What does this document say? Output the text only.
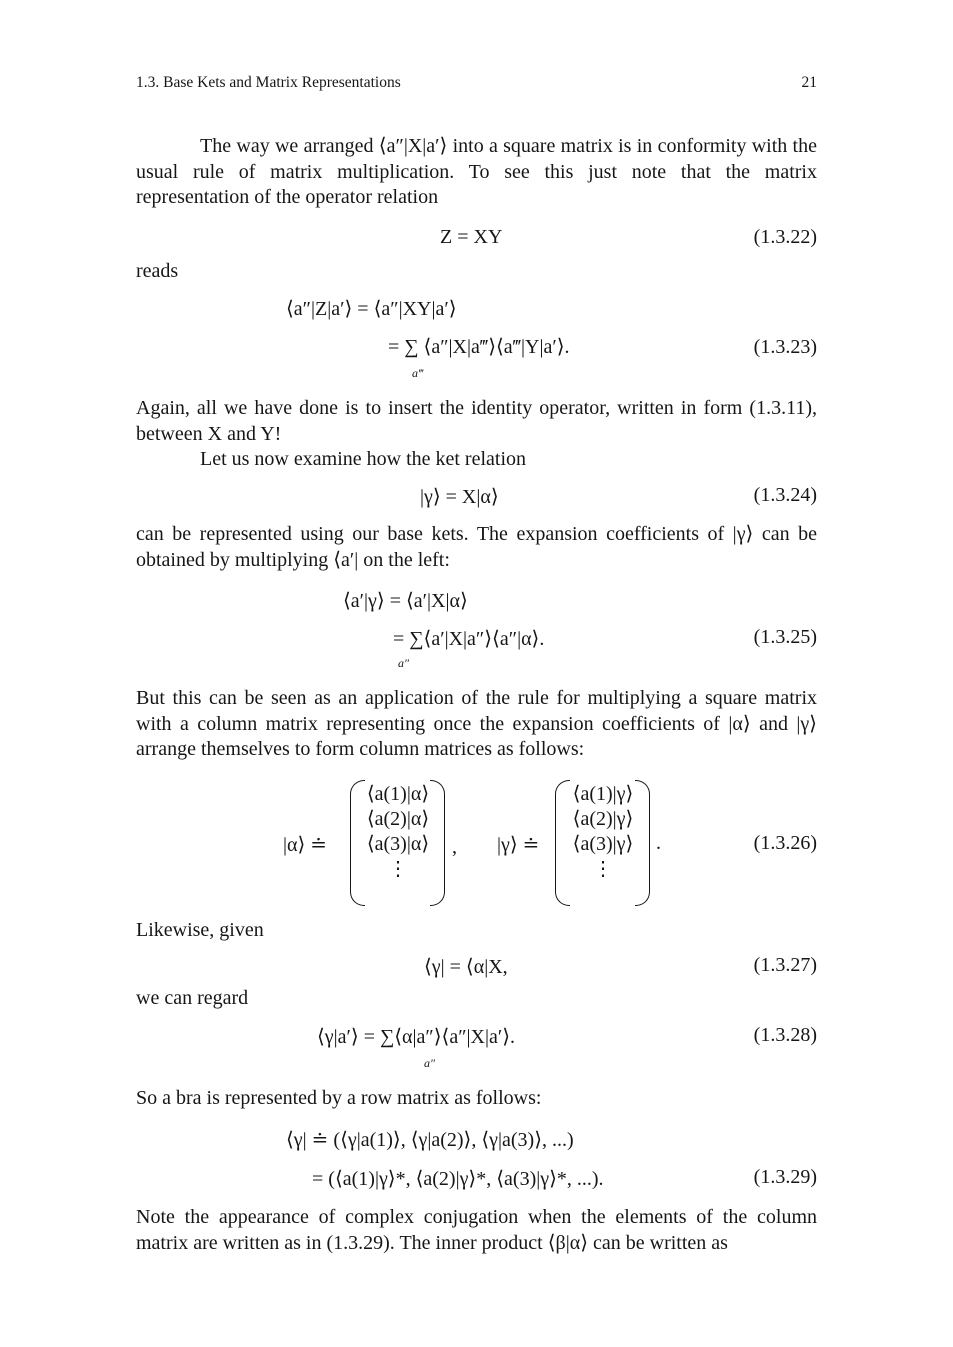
1.3. Base Kets and Matrix Representations	21
The way we arranged ⟨a″|X|a′⟩ into a square matrix is in conformity with the usual rule of matrix multiplication. To see this just note that the matrix representation of the operator relation
Z = XY	(1.3.22)
reads
⟨a″|Z|a′⟩ = ⟨a″|XY|a′⟩
= ∑ ⟨a″|X|a‴⟩⟨a‴|Y|a′⟩.
a‴
(1.3.23)
Again, all we have done is to insert the identity operator, written in form (1.3.11), between X and Y!
Let us now examine how the ket relation
|γ⟩ = X|α⟩	(1.3.24)
can be represented using our base kets. The expansion coefficients of |γ⟩ can be obtained by multiplying ⟨a′| on the left:
⟨a′|γ⟩ = ⟨a′|X|α⟩
= ∑⟨a′|X|a″⟩⟨a″|α⟩.
a″
(1.3.25)
But this can be seen as an application of the rule for multiplying a square matrix with a column matrix representing once the expansion coefficients of |α⟩ and |γ⟩ arrange themselves to form column matrices as follows:
|α⟩ ≐
⟨a(1)|α⟩
⟨a(2)|α⟩
⟨a(3)|α⟩
⋮
, |γ⟩ ≐
⟨a(1)|γ⟩
⟨a(2)|γ⟩
⟨a(3)|γ⟩
⋮
.	(1.3.26)
Likewise, given
⟨γ| = ⟨α|X,	(1.3.27)
we can regard
⟨γ|a′⟩ = ∑⟨α|a″⟩⟨a″|X|a′⟩.
a″
(1.3.28)
So a bra is represented by a row matrix as follows:
⟨γ| ≐ (⟨γ|a(1)⟩, ⟨γ|a(2)⟩, ⟨γ|a(3)⟩, ...)
= (⟨a(1)|γ⟩*, ⟨a(2)|γ⟩*, ⟨a(3)|γ⟩*, ...).	(1.3.29)
Note the appearance of complex conjugation when the elements of the column matrix are written as in (1.3.29). The inner product ⟨β|α⟩ can be written as
